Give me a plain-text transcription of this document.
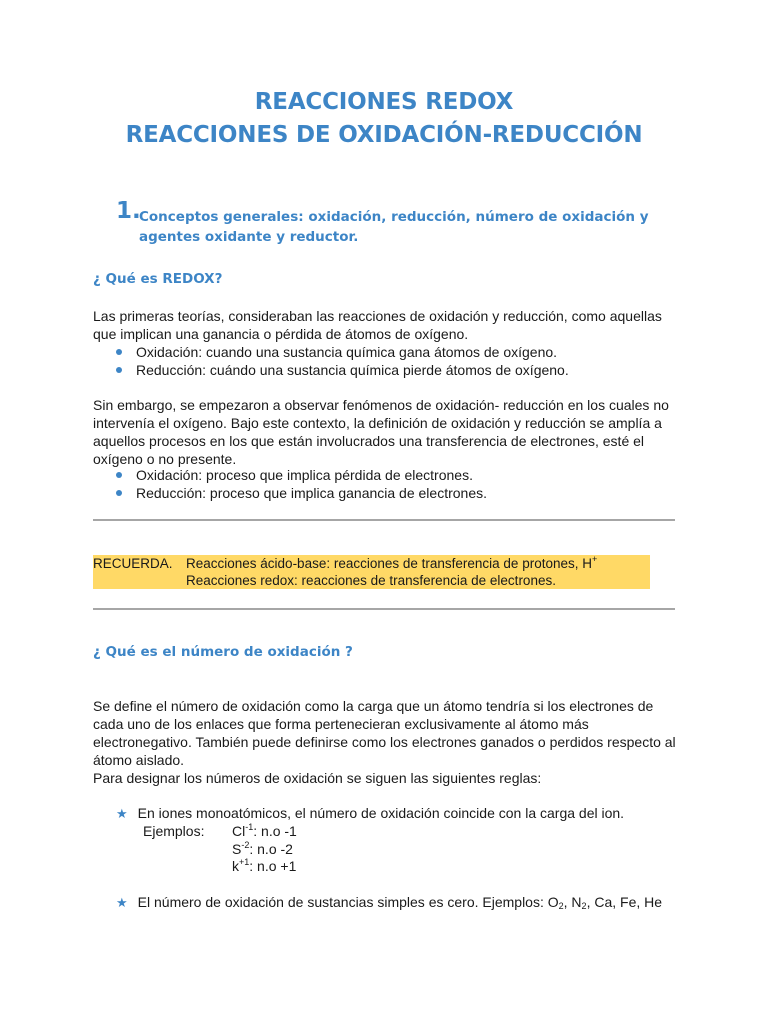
REACCIONES REDOX
REACCIONES DE OXIDACIÓN-REDUCCIÓN
1.
Conceptos generales: oxidación, reducción, número de oxidación y agentes oxidante y reductor.
¿ Qué es REDOX?
Las primeras teorías, consideraban las reacciones de oxidación y reducción, como aquellas que implican una ganancia o pérdida de átomos de oxígeno.
Oxidación: cuando una sustancia química gana átomos de oxígeno.
Reducción: cuándo una sustancia química pierde átomos de oxígeno.
Sin embargo, se empezaron a observar fenómenos de oxidación- reducción en los cuales no intervenía el oxígeno. Bajo este contexto, la definición de oxidación y reducción se amplía a aquellos procesos en los que están involucrados una transferencia de electrones, esté el oxígeno o no presente.
Oxidación: proceso que implica pérdida de electrones.
Reducción: proceso que implica ganancia de electrones.
RECUERDA. Reacciones ácido-base: reacciones de transferencia de protones, H+
Reacciones redox: reacciones de transferencia de electrones.
¿ Qué es el número de oxidación ?
Se define el número de oxidación como la carga que un átomo tendría si los electrones de cada uno de los enlaces que forma pertenecieran exclusivamente al átomo más electronegativo. También puede definirse como los electrones ganados o perdidos respecto al átomo aislado.
Para designar los números de oxidación se siguen las siguientes reglas:
★ En iones monoatómicos, el número de oxidación coincide con la carga del ion.
Ejemplos: $Cl^{-1}$: n.o -1
$S^{-2}$: n.o -2
$k^{+1}$: n.o +1
★ El número de oxidación de sustancias simples es cero. Ejemplos: $O_2$, $N_2$, Ca, Fe, He
